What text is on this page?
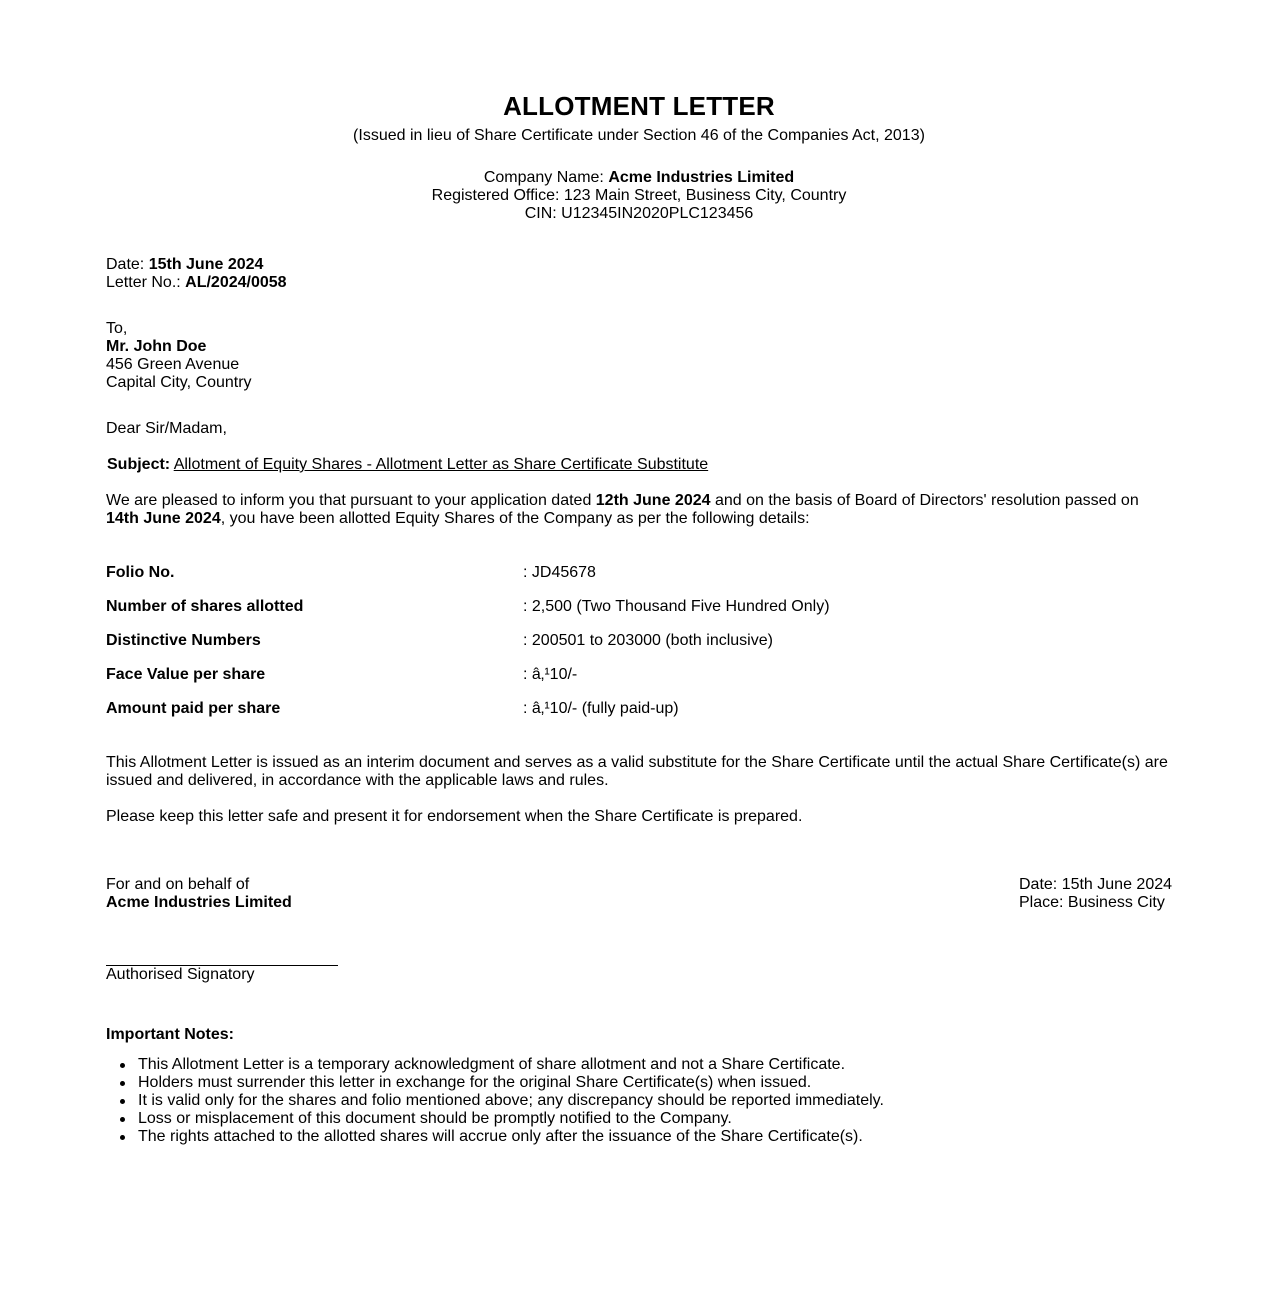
ALLOTMENT LETTER
(Issued in lieu of Share Certificate under Section 46 of the Companies Act, 2013)
Company Name: Acme Industries Limited
Registered Office: 123 Main Street, Business City, Country
CIN: U12345IN2020PLC123456
Date: 15th June 2024
Letter No.: AL/2024/0058
To,
Mr. John Doe
456 Green Avenue
Capital City, Country
Dear Sir/Madam,
Subject: Allotment of Equity Shares - Allotment Letter as Share Certificate Substitute
We are pleased to inform you that pursuant to your application dated 12th June 2024 and on the basis of Board of Directors' resolution passed on 14th June 2024, you have been allotted Equity Shares of the Company as per the following details:
Folio No.	: JD45678
Number of shares allotted	: 2,500 (Two Thousand Five Hundred Only)
Distinctive Numbers	: 200501 to 203000 (both inclusive)
Face Value per share	: â‚¹10/-
Amount paid per share	: â‚¹10/- (fully paid-up)
This Allotment Letter is issued as an interim document and serves as a valid substitute for the Share Certificate until the actual Share Certificate(s) are issued and delivered, in accordance with the applicable laws and rules.
Please keep this letter safe and present it for endorsement when the Share Certificate is prepared.
For and on behalf of
Acme Industries Limited
Date: 15th June 2024
Place: Business City
Authorised Signatory
Important Notes:
This Allotment Letter is a temporary acknowledgment of share allotment and not a Share Certificate.
Holders must surrender this letter in exchange for the original Share Certificate(s) when issued.
It is valid only for the shares and folio mentioned above; any discrepancy should be reported immediately.
Loss or misplacement of this document should be promptly notified to the Company.
The rights attached to the allotted shares will accrue only after the issuance of the Share Certificate(s).
